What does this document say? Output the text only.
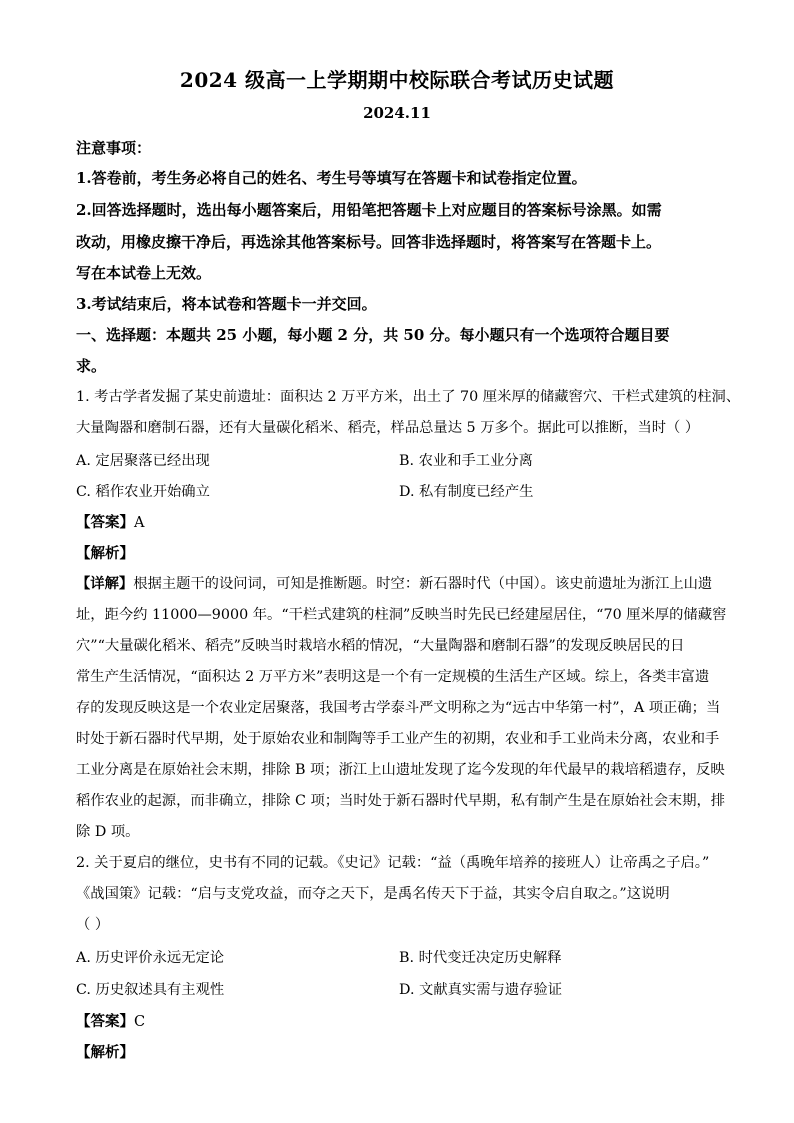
2024 级高一上学期期中校际联合考试历史试题
2024.11
注意事项：
1.答卷前，考生务必将自己的姓名、考生号等填写在答题卡和试卷指定位置。
2.回答选择题时，选出每小题答案后，用铅笔把答题卡上对应题目的答案标号涂黑。如需
改动，用橡皮擦干净后，再选涂其他答案标号。回答非选择题时，将答案写在答题卡上。
写在本试卷上无效。
3.考试结束后，将本试卷和答题卡一并交回。
一、选择题：本题共 25 小题，每小题 2 分，共 50 分。每小题只有一个选项符合题目要
求。
1. 考古学者发掘了某史前遗址：面积达 2 万平方米，出土了 70 厘米厚的储藏窖穴、干栏式建筑的柱洞、
大量陶器和磨制石器，还有大量碳化稻米、稻壳，样品总量达 5 万多个。据此可以推断，当时（ ）
A. 定居聚落已经出现	B. 农业和手工业分离
C. 稻作农业开始确立	D. 私有制度已经产生
【答案】A
【解析】
【详解】根据主题干的设问词，可知是推断题。时空：新石器时代（中国）。该史前遗址为浙江上山遗
址，距今约 11000—9000 年。“干栏式建筑的柱洞”反映当时先民已经建屋居住，“70 厘米厚的储藏窖
穴”“大量碳化稻米、稻壳”反映当时栽培水稻的情况，“大量陶器和磨制石器”的发现反映居民的日
常生产生活情况，“面积达 2 万平方米”表明这是一个有一定规模的生活生产区域。综上，各类丰富遗
存的发现反映这是一个农业定居聚落，我国考古学泰斗严文明称之为“远古中华第一村”，A 项正确；当
时处于新石器时代早期，处于原始农业和制陶等手工业产生的初期，农业和手工业尚未分离，农业和手
工业分离是在原始社会末期，排除 B 项；浙江上山遗址发现了迄今发现的年代最早的栽培稻遗存，反映
稻作农业的起源，而非确立，排除 C 项；当时处于新石器时代早期，私有制产生是在原始社会末期，排
除 D 项。
2. 关于夏启的继位，史书有不同的记载。《史记》记载：“益（禹晚年培养的接班人）让帝禹之子启。”
《战国策》记载：“启与支党攻益，而夺之天下，是禹名传天下于益，其实令启自取之。”这说明
（ ）
A. 历史评价永远无定论	B. 时代变迁决定历史解释
C. 历史叙述具有主观性	D. 文献真实需与遗存验证
【答案】C
【解析】
